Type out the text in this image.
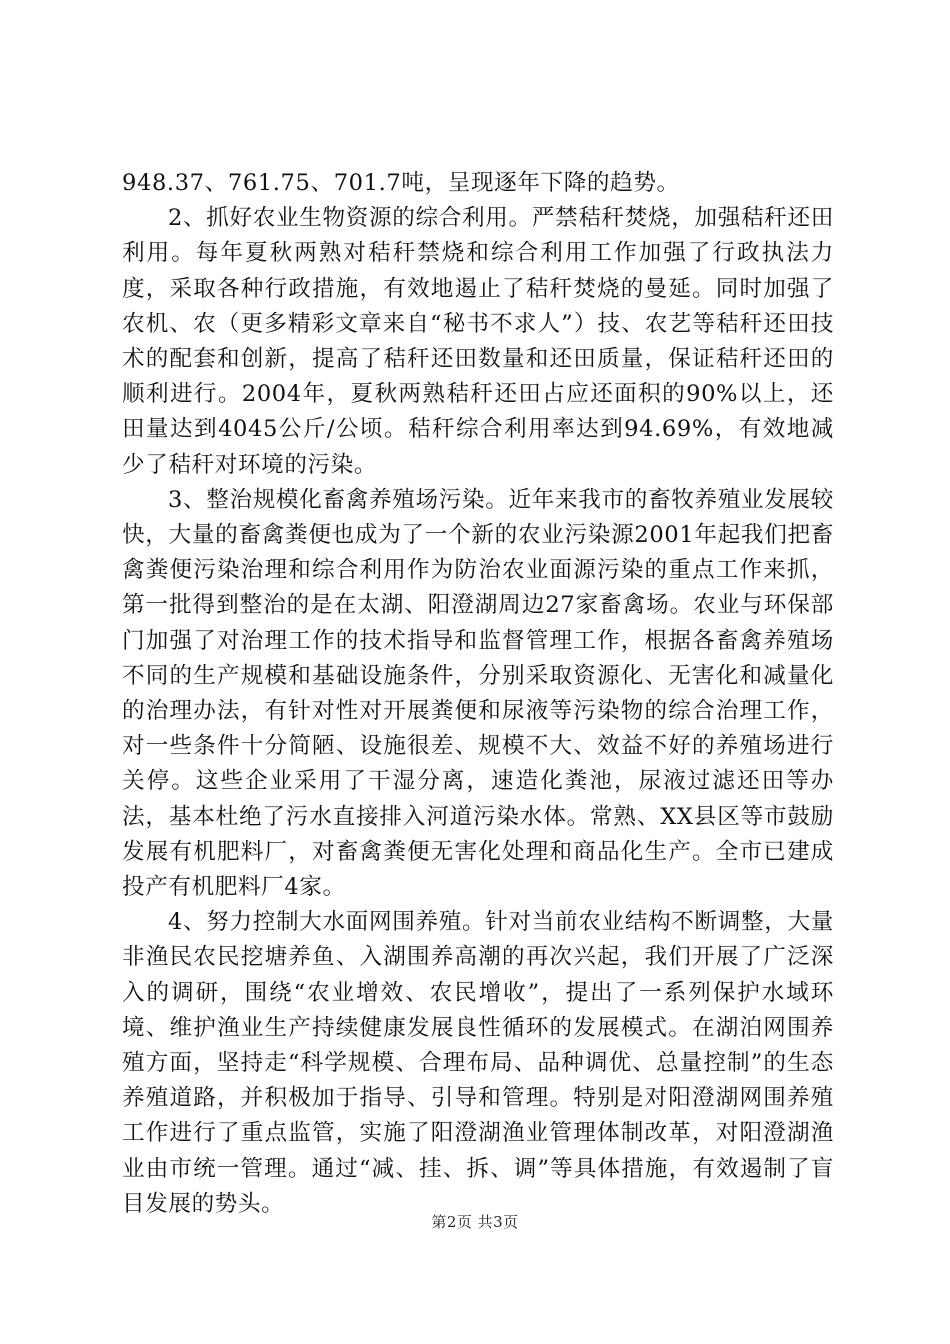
948.37、761.75、701.7吨，呈现逐年下降的趋势。

2、抓好农业生物资源的综合利用。严禁秸秆焚烧，加强秸秆还田利用。每年夏秋两熟对秸秆禁烧和综合利用工作加强了行政执法力度，采取各种行政措施，有效地遏止了秸秆焚烧的曼延。同时加强了农机、农（更多精彩文章来自“秘书不求人”）技、农艺等秸秆还田技术的配套和创新，提高了秸秆还田数量和还田质量，保证秸秆还田的顺利进行。2004年，夏秋两熟秸秆还田占应还面积的90%以上，还田量达到4045公斤/公顷。秸秆综合利用率达到94.69%，有效地减少了秸秆对环境的污染。

3、整治规模化畜禽养殖场污染。近年来我市的畜牧养殖业发展较快，大量的畜禽粪便也成为了一个新的农业污染源2001年起我们把畜禽粪便污染治理和综合利用作为防治农业面源污染的重点工作来抓，第一批得到整治的是在太湖、阳澄湖周边27家畜禽场。农业与环保部门加强了对治理工作的技术指导和监督管理工作，根据各畜禽养殖场不同的生产规模和基础设施条件，分别采取资源化、无害化和减量化的治理办法，有针对性对开展粪便和尿液等污染物的综合治理工作，对一些条件十分简陋、设施很差、规模不大、效益不好的养殖场进行关停。这些企业采用了干湿分离，速造化粪池，尿液过滤还田等办法，基本杜绝了污水直接排入河道污染水体。常熟、XX县区等市鼓励发展有机肥料厂，对畜禽粪便无害化处理和商品化生产。全市已建成投产有机肥料厂4家。

4、努力控制大水面网围养殖。针对当前农业结构不断调整，大量非渔民农民挖塘养鱼、入湖围养高潮的再次兴起，我们开展了广泛深入的调研，围绕“农业增效、农民增收”，提出了一系列保护水域环境、维护渔业生产持续健康发展良性循环的发展模式。在湖泊网围养殖方面，坚持走“科学规模、合理布局、品种调优、总量控制”的生态养殖道路，并积极加于指导、引导和管理。特别是对阳澄湖网围养殖工作进行了重点监管，实施了阳澄湖渔业管理体制改革，对阳澄湖渔业由市统一管理。通过“减、挂、拆、调”等具体措施，有效遏制了盲目发展的势头。

第2页 共3页
